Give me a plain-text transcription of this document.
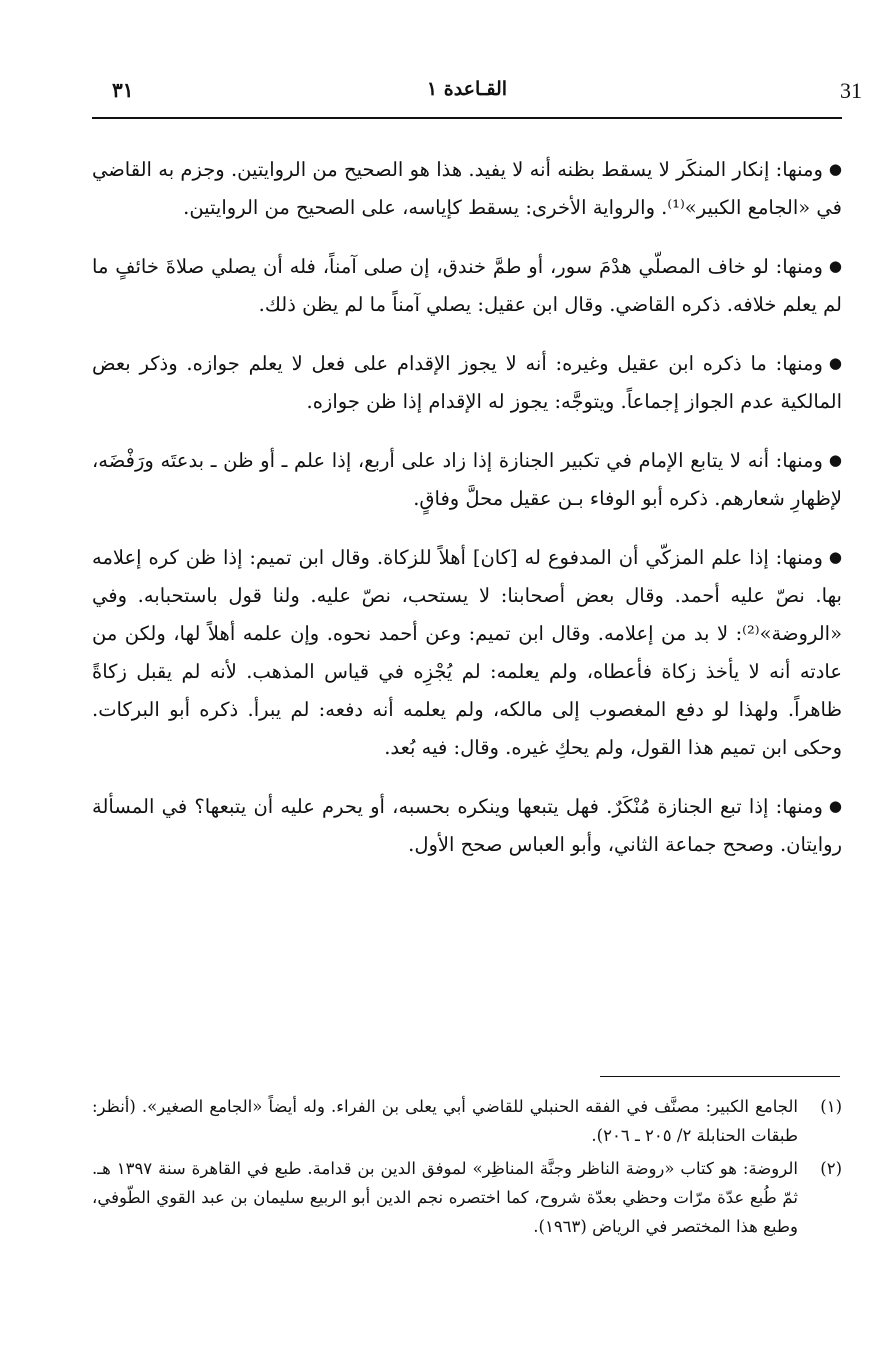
31
القـاعدة ١
٣١

●ومنها: إنكار المنكَر لا يسقط بظنه أنه لا يفيد. هذا هو الصحيح من الروايتين. وجزم به القاضي في «الجامع الكبير»⁽¹⁾. والرواية الأخرى: يسقط كإياسه، على الصحيح من الروايتين.

●ومنها: لو خاف المصلّي هدْمَ سور، أو طمَّ خندق، إن صلى آمناً، فله أن يصلي صلاةَ خائفٍ ما لم يعلم خلافه. ذكره القاضي. وقال ابن عقيل: يصلي آمناً ما لم يظن ذلك.

●ومنها: ما ذكره ابن عقيل وغيره: أنه لا يجوز الإقدام على فعل لا يعلم جوازه. وذكر بعض المالكية عدم الجواز إجماعاً. ويتوجَّه: يجوز له الإقدام إذا ظن جوازه.

●ومنها: أنه لا يتابع الإمام في تكبير الجنازة إذا زاد على أربع، إذا علم ـ أو ظن ـ بدعتَه ورَفْضَه، لإظهارِ شعارهم. ذكره أبو الوفاء بـن عقيل محلَّ وفاقٍ.

●ومنها: إذا علم المزكّي أن المدفوع له [كان] أهلاً للزكاة. وقال ابن تميم: إذا ظن كره إعلامه بها. نصّ عليه أحمد. وقال بعض أصحابنا: لا يستحب، نصّ عليه. ولنا قول باستحبابه. وفي «الروضة»⁽²⁾: لا بد من إعلامه. وقال ابن تميم: وعن أحمد نحوه. وإن علمه أهلاً لها، ولكن من عادته أنه لا يأخذ زكاة فأعطاه، ولم يعلمه: لم يُجْزِه في قياس المذهب. لأنه لم يقبل زكاةً ظاهراً. ولهذا لو دفع المغصوب إلى مالكه، ولم يعلمه أنه دفعه: لم يبرأ. ذكره أبو البركات. وحكى ابن تميم هذا القول، ولم يحكِ غيره. وقال: فيه بُعد.

●ومنها: إذا تبع الجنازة مُنْكَرٌ. فهل يتبعها وينكره بحسبه، أو يحرم عليه أن يتبعها؟ في المسألة روايتان. وصحح جماعة الثاني، وأبو العباس صحح الأول.

(١)
الجامع الكبير: مصنَّف في الفقه الحنبلي للقاضي أبي يعلى بن الفراء. وله أيضاً «الجامع الصغير». (أنظر: طبقات الحنابلة ٢/ ٢٠٥ ـ ٢٠٦).
(٢)
الروضة: هو كتاب «روضة الناظر وجنَّة المناظِر» لموفق الدين بن قدامة. طبع في القاهرة سنة ١٣٩٧ هـ. ثمّ طُبع عدّة مرّات وحظي بعدّة شروح، كما اختصره نجم الدين أبو الربيع سليمان بن عبد القوي الطّوفي، وطبع هذا المختصر في الرياض (١٩٦٣).
